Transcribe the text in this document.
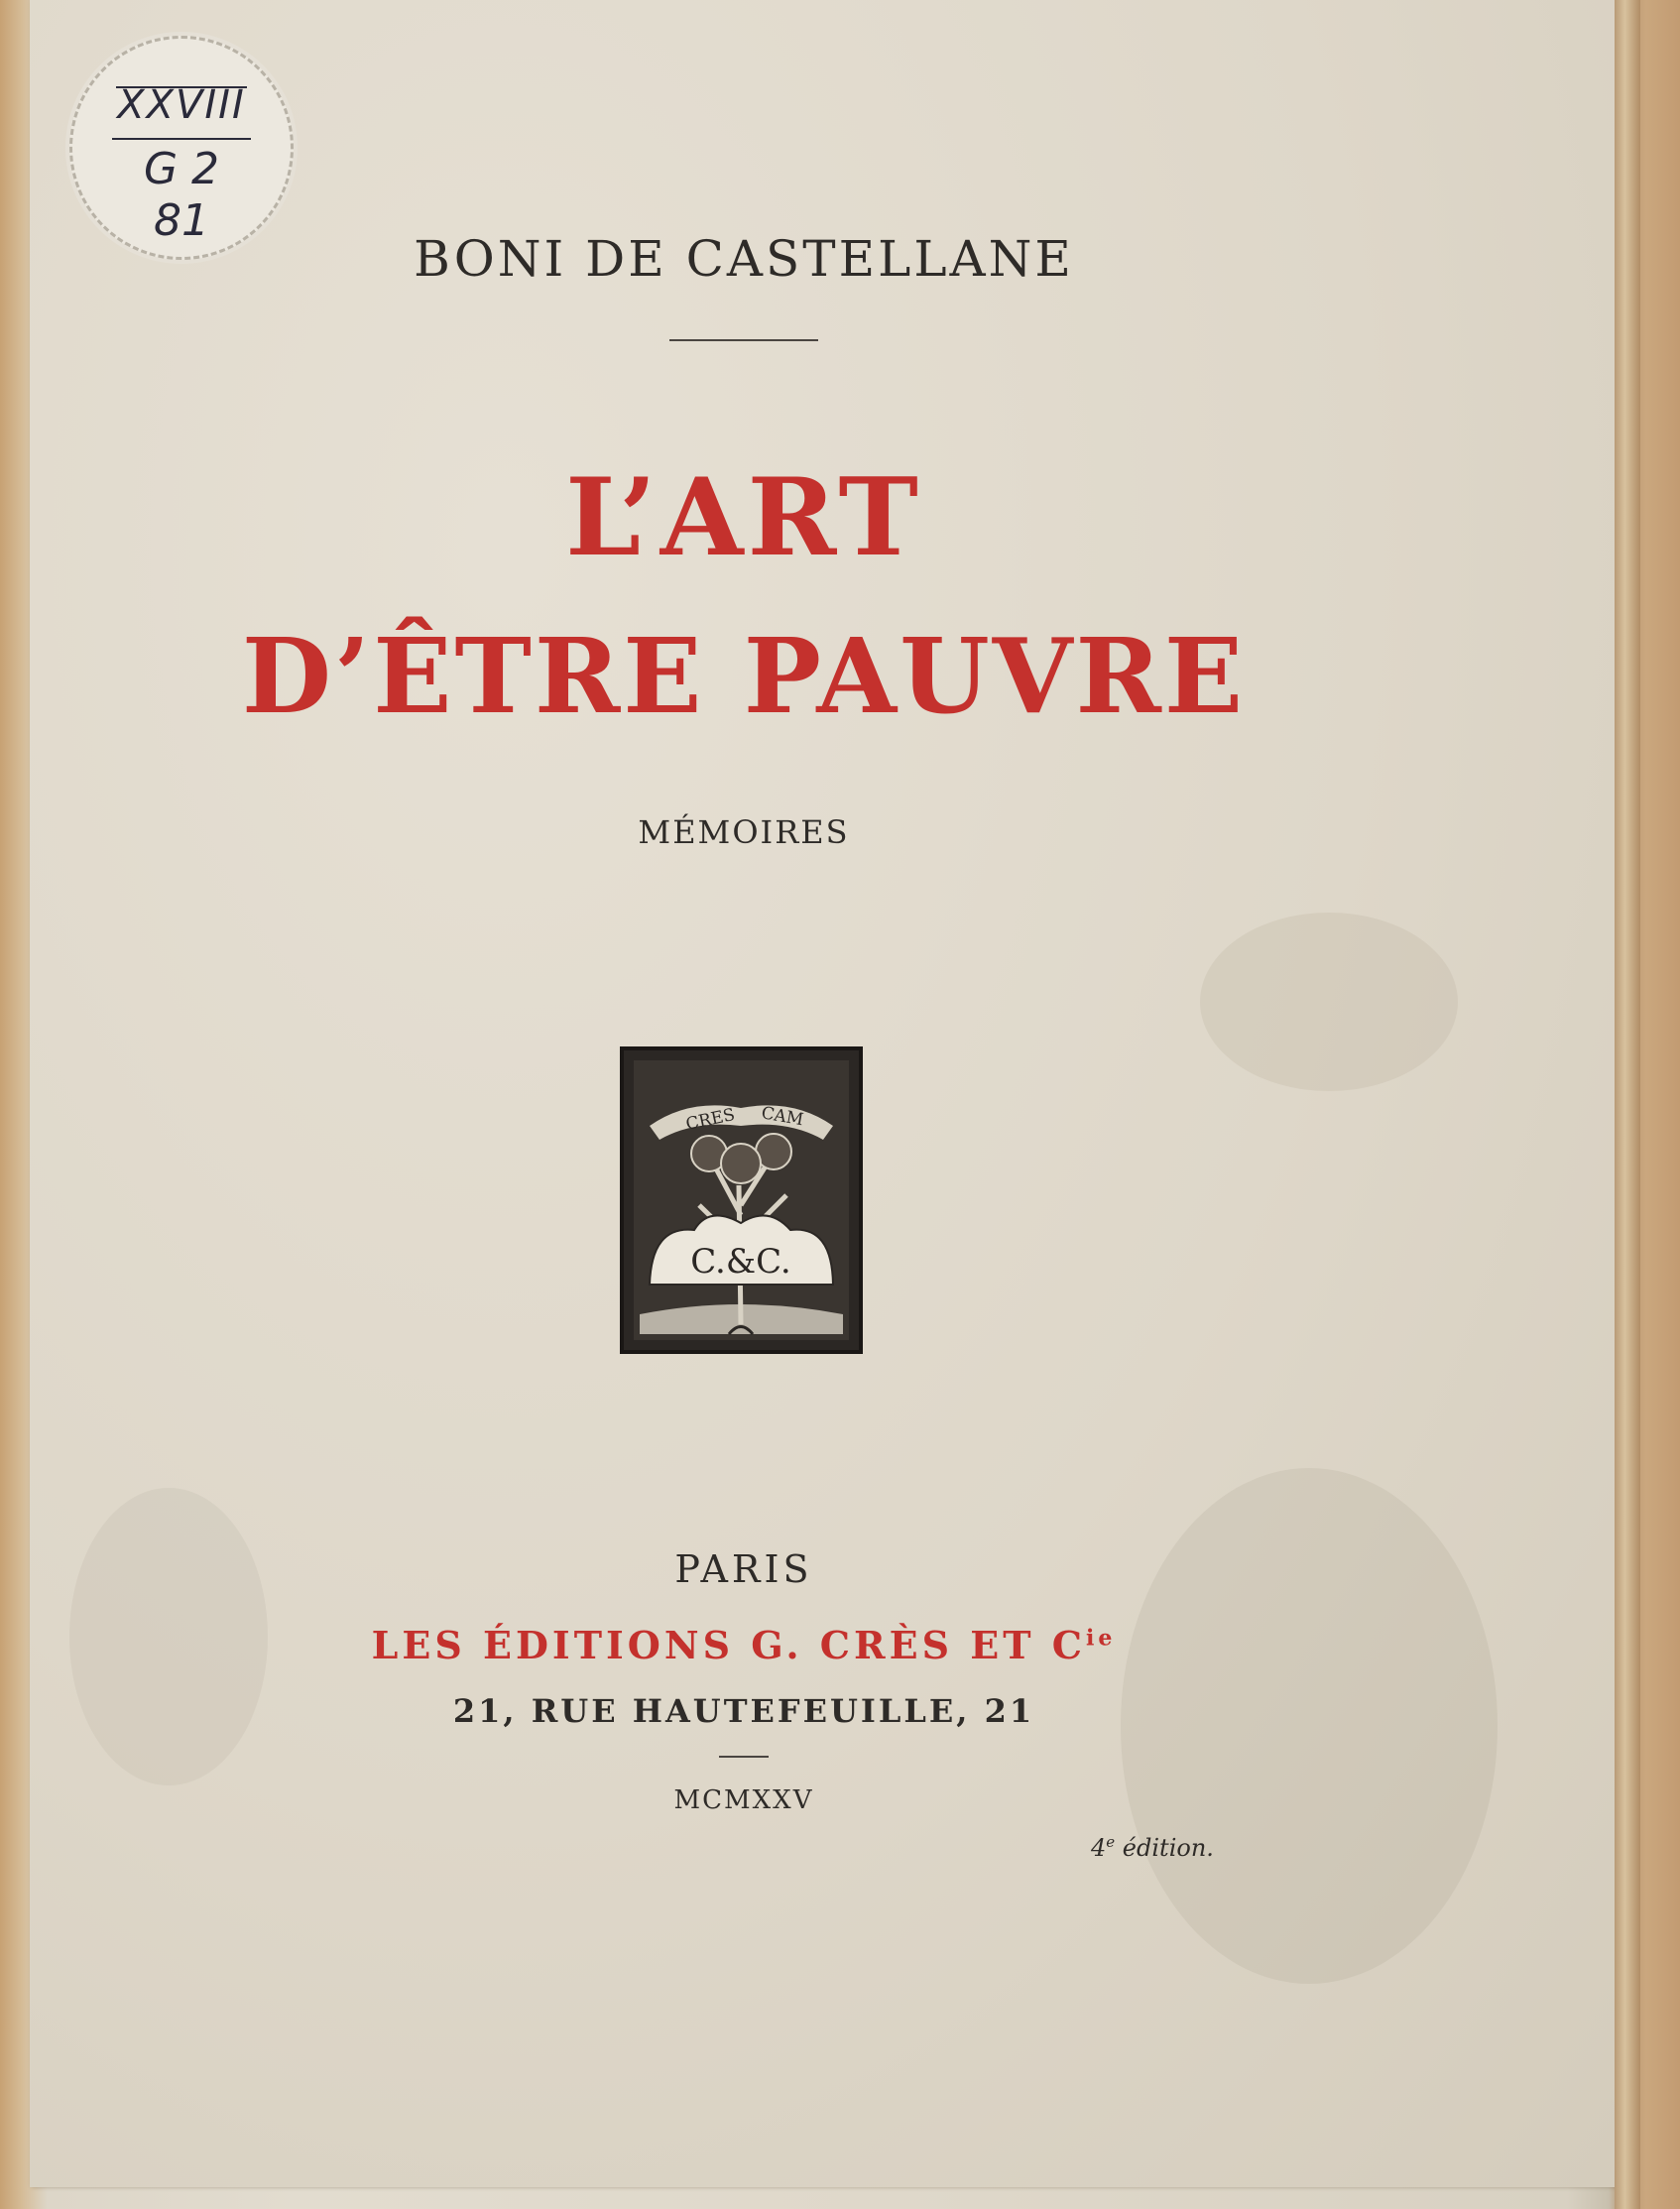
XXVIII
G 2
81
BONI DE CASTELLANE
L’ART
D’ÊTRE PAUVRE
MÉMOIRES
CRES CAM
C.&C.
PARIS
LES ÉDITIONS G. CRÈS ET $C^{ie}$
21, RUE HAUTEFEUILLE, 21
MCMXXV
4e édition.
